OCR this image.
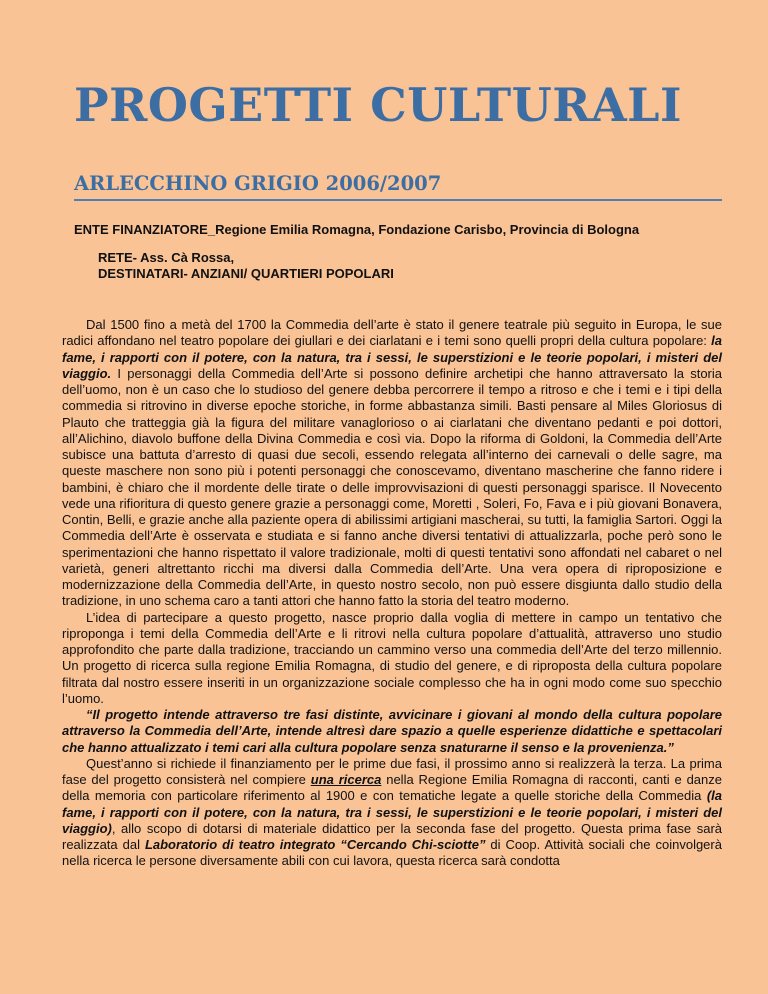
PROGETTI CULTURALI
ARLECCHINO GRIGIO 2006/2007
ENTE FINANZIATORE_Regione Emilia Romagna, Fondazione Carisbo, Provincia di Bologna
RETE- Ass. Cà Rossa,
DESTINATARI- ANZIANI/ QUARTIERI POPOLARI

Dal 1500 fino a metà del 1700 la Commedia dell’arte è stato il genere teatrale più seguito in Europa, le sue radici affondano nel teatro popolare dei giullari e dei ciarlatani e i temi sono quelli propri della cultura popolare: la fame, i rapporti con il potere, con la natura, tra i sessi, le superstizioni e le teorie popolari, i misteri del viaggio. I personaggi della Commedia dell’Arte si possono definire archetipi che hanno attraversato la storia dell’uomo, non è un caso che lo studioso del genere debba percorrere il tempo a ritroso e che i temi e i tipi della commedia si ritrovino in diverse epoche storiche, in forme abbastanza simili. Basti pensare al Miles Gloriosus di Plauto che tratteggia già la figura del militare vanaglorioso o ai ciarlatani che diventano pedanti e poi dottori, all’Alichino, diavolo buffone della Divina Commedia e così via. Dopo la riforma di Goldoni, la Commedia dell’Arte subisce una battuta d’arresto di quasi due secoli, essendo relegata all’interno dei carnevali o delle sagre, ma queste maschere non sono più i potenti personaggi che conoscevamo, diventano mascherine che fanno ridere i bambini, è chiaro che il mordente delle tirate o delle improvvisazioni di questi personaggi sparisce. Il Novecento vede una rifioritura di questo genere grazie a personaggi come, Moretti , Soleri, Fo, Fava e i più giovani Bonavera, Contin, Belli, e grazie anche alla paziente opera di abilissimi artigiani mascherai, su tutti, la famiglia Sartori. Oggi la Commedia dell’Arte è osservata e studiata e si fanno anche diversi tentativi di attualizzarla, poche però sono le sperimentazioni che hanno rispettato il valore tradizionale, molti di questi tentativi sono affondati nel cabaret o nel varietà, generi altrettanto ricchi ma diversi dalla Commedia dell’Arte. Una vera opera di riproposizione e modernizzazione della Commedia dell’Arte, in questo nostro secolo, non può essere disgiunta dallo studio della tradizione, in uno schema caro a tanti attori che hanno fatto la storia del teatro moderno.

L’idea di partecipare a questo progetto, nasce proprio dalla voglia di mettere in campo un tentativo che riproponga i temi della Commedia dell’Arte e li ritrovi nella cultura popolare d’attualità, attraverso uno studio approfondito che parte dalla tradizione, tracciando un cammino verso una commedia dell’Arte del terzo millennio. Un progetto di ricerca sulla regione Emilia Romagna, di studio del genere, e di riproposta della cultura popolare filtrata dal nostro essere inseriti in un organizzazione sociale complesso che ha in ogni modo come suo specchio l’uomo.

“Il progetto intende attraverso tre fasi distinte, avvicinare i giovani al mondo della cultura popolare attraverso la Commedia dell’Arte, intende altresì dare spazio a quelle esperienze didattiche e spettacolari che hanno attualizzato i temi cari alla cultura popolare senza snaturarne il senso e la provenienza.”

Quest’anno si richiede il finanziamento per le prime due fasi, il prossimo anno si realizzerà la terza. La prima fase del progetto consisterà nel compiere una ricerca nella Regione Emilia Romagna di racconti, canti e danze della memoria con particolare riferimento al 1900 e con tematiche legate a quelle storiche della Commedia (la fame, i rapporti con il potere, con la natura, tra i sessi, le superstizioni e le teorie popolari, i misteri del viaggio), allo scopo di dotarsi di materiale didattico per la seconda fase del progetto. Questa prima fase sarà realizzata dal Laboratorio di teatro integrato “Cercando Chi-sciotte” di Coop. Attività sociali che coinvolgerà nella ricerca le persone diversamente abili con cui lavora, questa ricerca sarà condotta
